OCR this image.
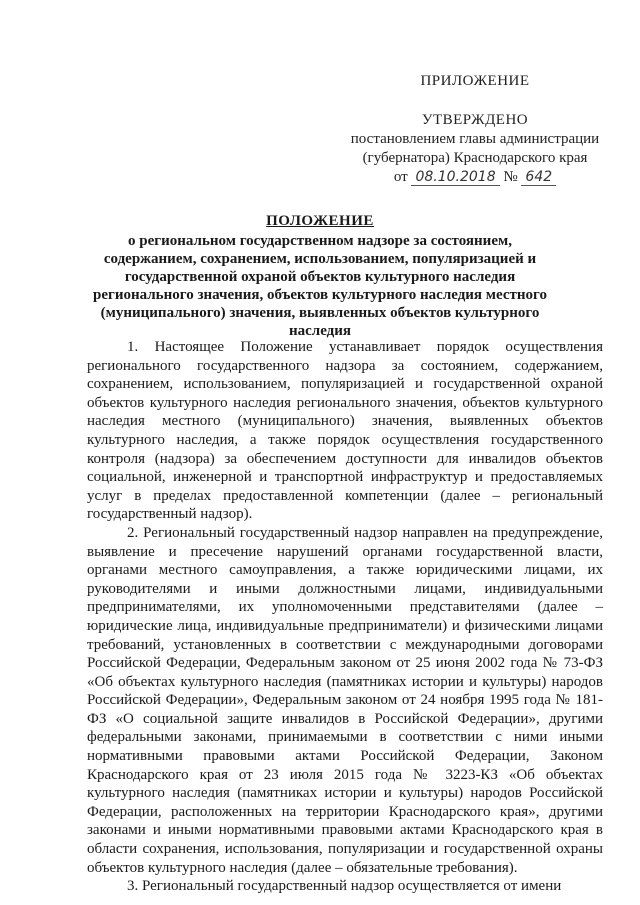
ПРИЛОЖЕНИЕ
УТВЕРЖДЕНО
постановлением главы администрации
(губернатора) Краснодарского края
от 08.10.2018 № 642
ПОЛОЖЕНИЕ
о региональном государственном надзоре за состоянием, содержанием, сохранением, использованием, популяризацией и государственной охраной объектов культурного наследия регионального значения, объектов культурного наследия местного (муниципального) значения, выявленных объектов культурного наследия

1. Настоящее Положение устанавливает порядок осуществления регионального государственного надзора за состоянием, содержанием, сохранением, использованием, популяризацией и государственной охраной объектов культурного наследия регионального значения, объектов культурного наследия местного (муниципального) значения, выявленных объектов культурного наследия, а также порядок осуществления государственного контроля (надзора) за обеспечением доступности для инвалидов объектов социальной, инженерной и транспортной инфраструктур и предоставляемых услуг в пределах предоставленной компетенции (далее – региональный государственный надзор).

2. Региональный государственный надзор направлен на предупреждение, выявление и пресечение нарушений органами государственной власти, органами местного самоуправления, а также юридическими лицами, их руководителями и иными должностными лицами, индивидуальными предпринимателями, их уполномоченными представителями (далее – юридические лица, индивидуальные предприниматели) и физическими лицами требований, установленных в соответствии с международными договорами Российской Федерации, Федеральным законом от 25 июня 2002 года № 73-ФЗ «Об объектах культурного наследия (памятниках истории и культуры) народов Российской Федерации», Федеральным законом от 24 ноября 1995 года № 181-ФЗ «О социальной защите инвалидов в Российской Федерации», другими федеральными законами, принимаемыми в соответствии с ними иными нормативными правовыми актами Российской Федерации, Законом Краснодарского края от 23 июля 2015 года № 3223-КЗ «Об объектах культурного наследия (памятниках истории и культуры) народов Российской Федерации, расположенных на территории Краснодарского края», другими законами и иными нормативными правовыми актами Краснодарского края в области сохранения, использования, популяризации и государственной охраны объектов культурного наследия (далее – обязательные требования).

3. Региональный государственный надзор осуществляется от имени
